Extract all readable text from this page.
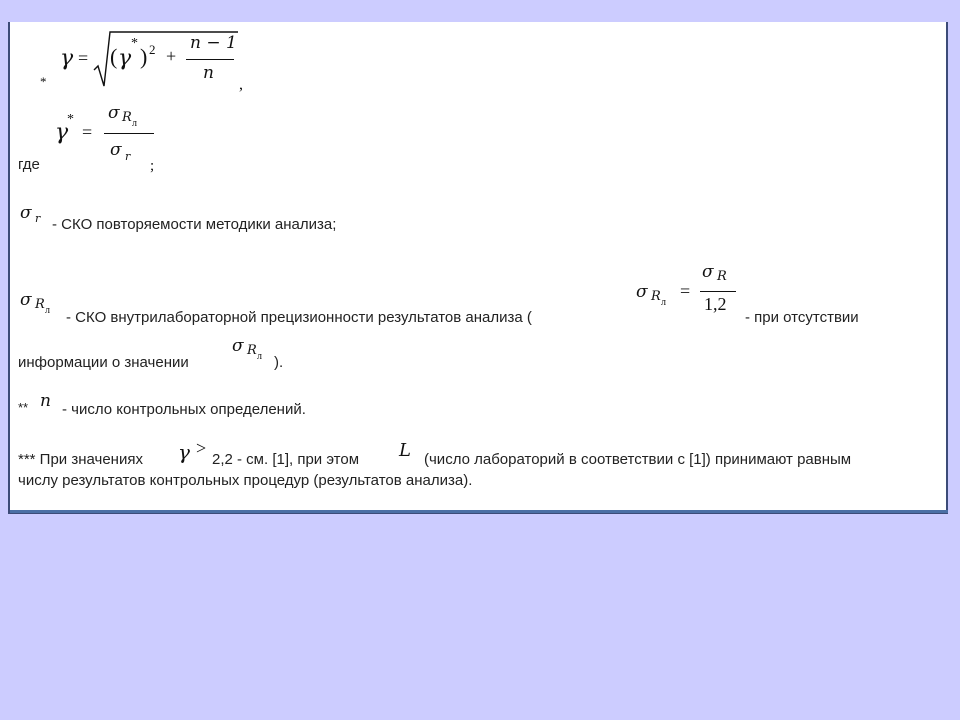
*
γ = ( γ
*
) 2 +
n − 1
n
,
где
γ
*
=
σ R л
σ r
;
σ r - СКО повторяемости методики анализа;
σ R л - СКО внутрилабораторной прецизионности результатов анализа (
σ R л
=
σ R
1,2
- при отсутствии
информации о значении
σ R л ).
** n - число контрольных определений.
*** При значениях γ >
2,2 - см. [1], при этом L (число лабораторий в соответствии с [1]) принимают равным
числу результатов контрольных процедур (результатов анализа).
